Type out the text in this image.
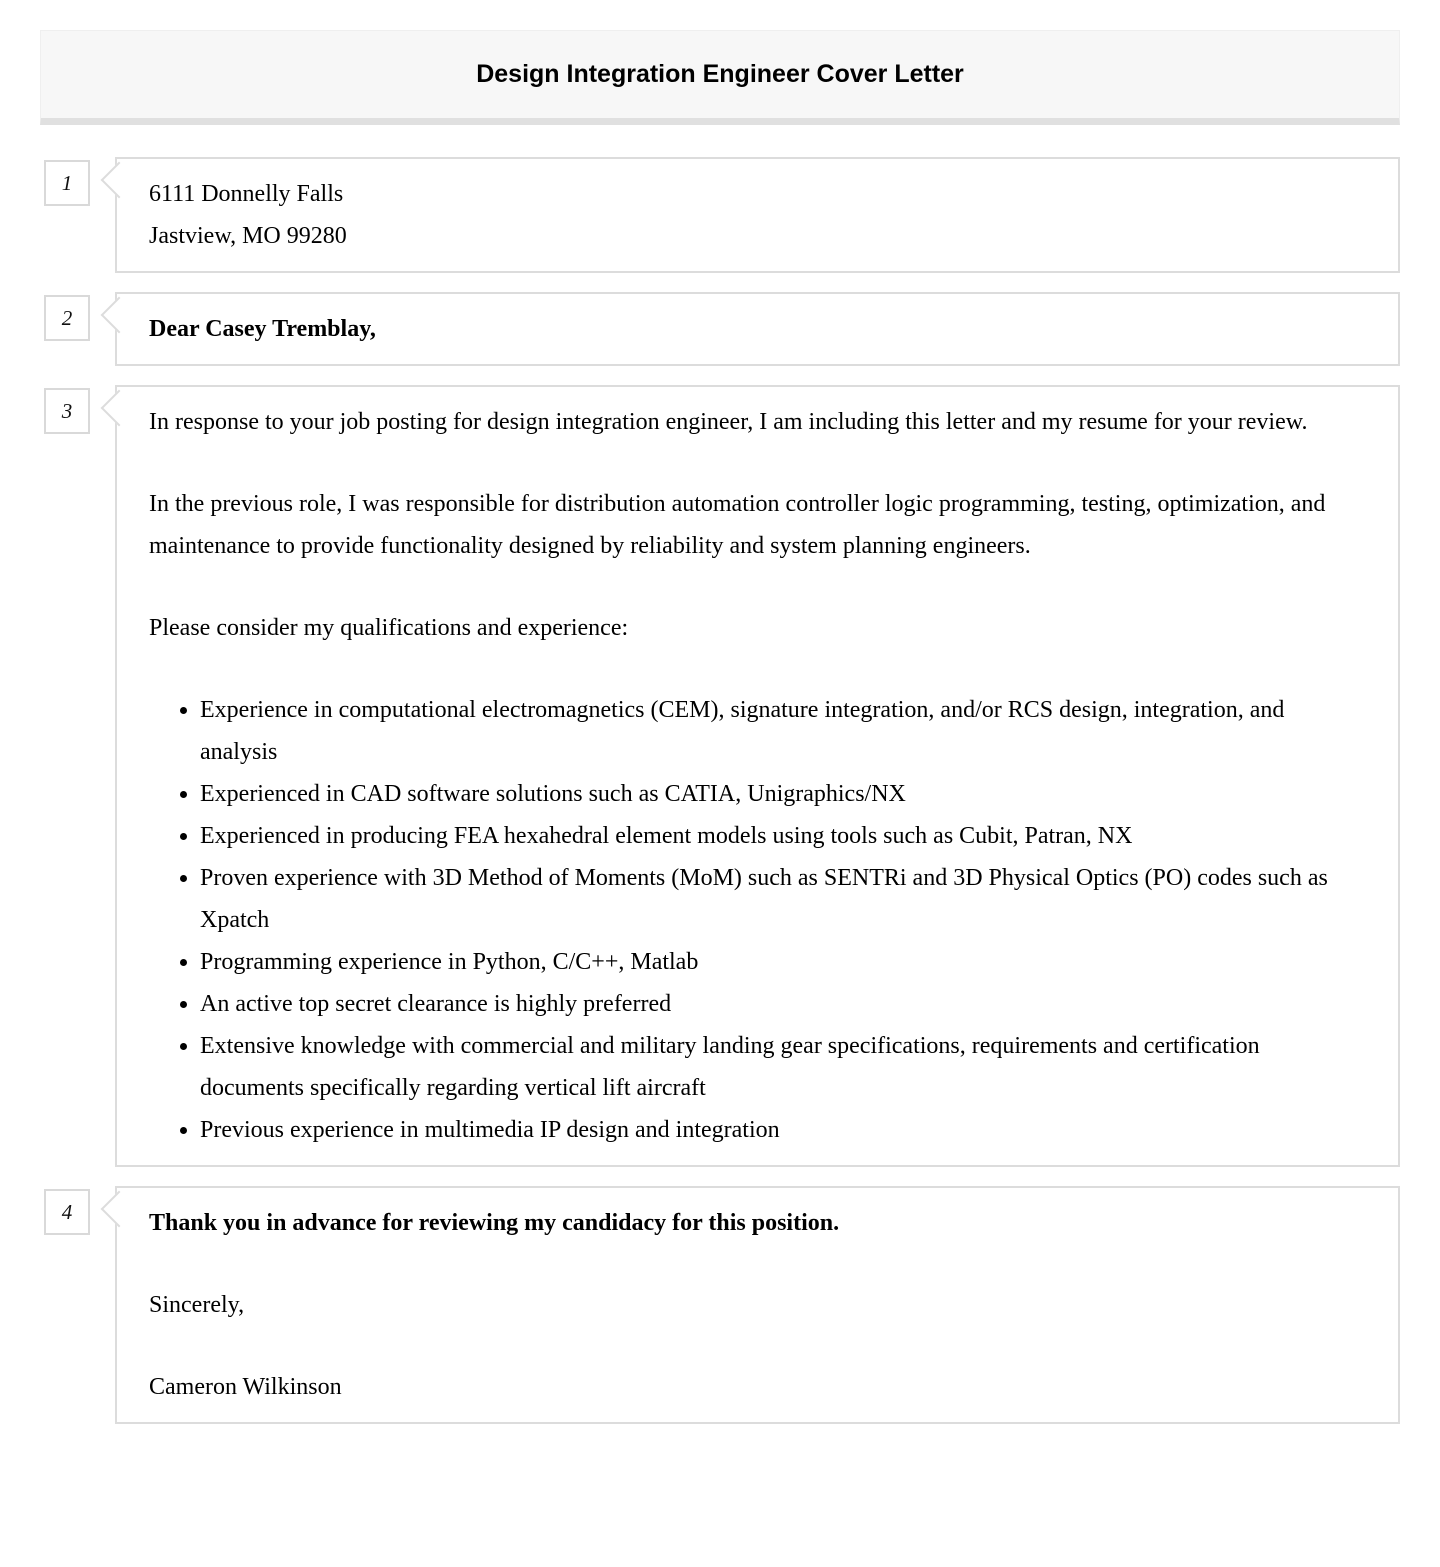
Design Integration Engineer Cover Letter
1	6111 Donnelly Falls
Jastview, MO 99280
2	Dear Casey Tremblay,

3	In response to your job posting for design integration engineer, I am including this letter and my resume for your review.

In the previous role, I was responsible for distribution automation controller logic programming, testing, optimization, and maintenance to provide functionality designed by reliability and system planning engineers.

Please consider my qualifications and experience:

• Experience in computational electromagnetics (CEM), signature integration, and/or RCS design, integration, and analysis
• Experienced in CAD software solutions such as CATIA, Unigraphics/NX
• Experienced in producing FEA hexahedral element models using tools such as Cubit, Patran, NX
• Proven experience with 3D Method of Moments (MoM) such as SENTRi and 3D Physical Optics (PO) codes such as Xpatch
• Programming experience in Python, C/C++, Matlab
• An active top secret clearance is highly preferred
• Extensive knowledge with commercial and military landing gear specifications, requirements and certification documents specifically regarding vertical lift aircraft
• Previous experience in multimedia IP design and integration
4	Thank you in advance for reviewing my candidacy for this position.

Sincerely,

Cameron Wilkinson
